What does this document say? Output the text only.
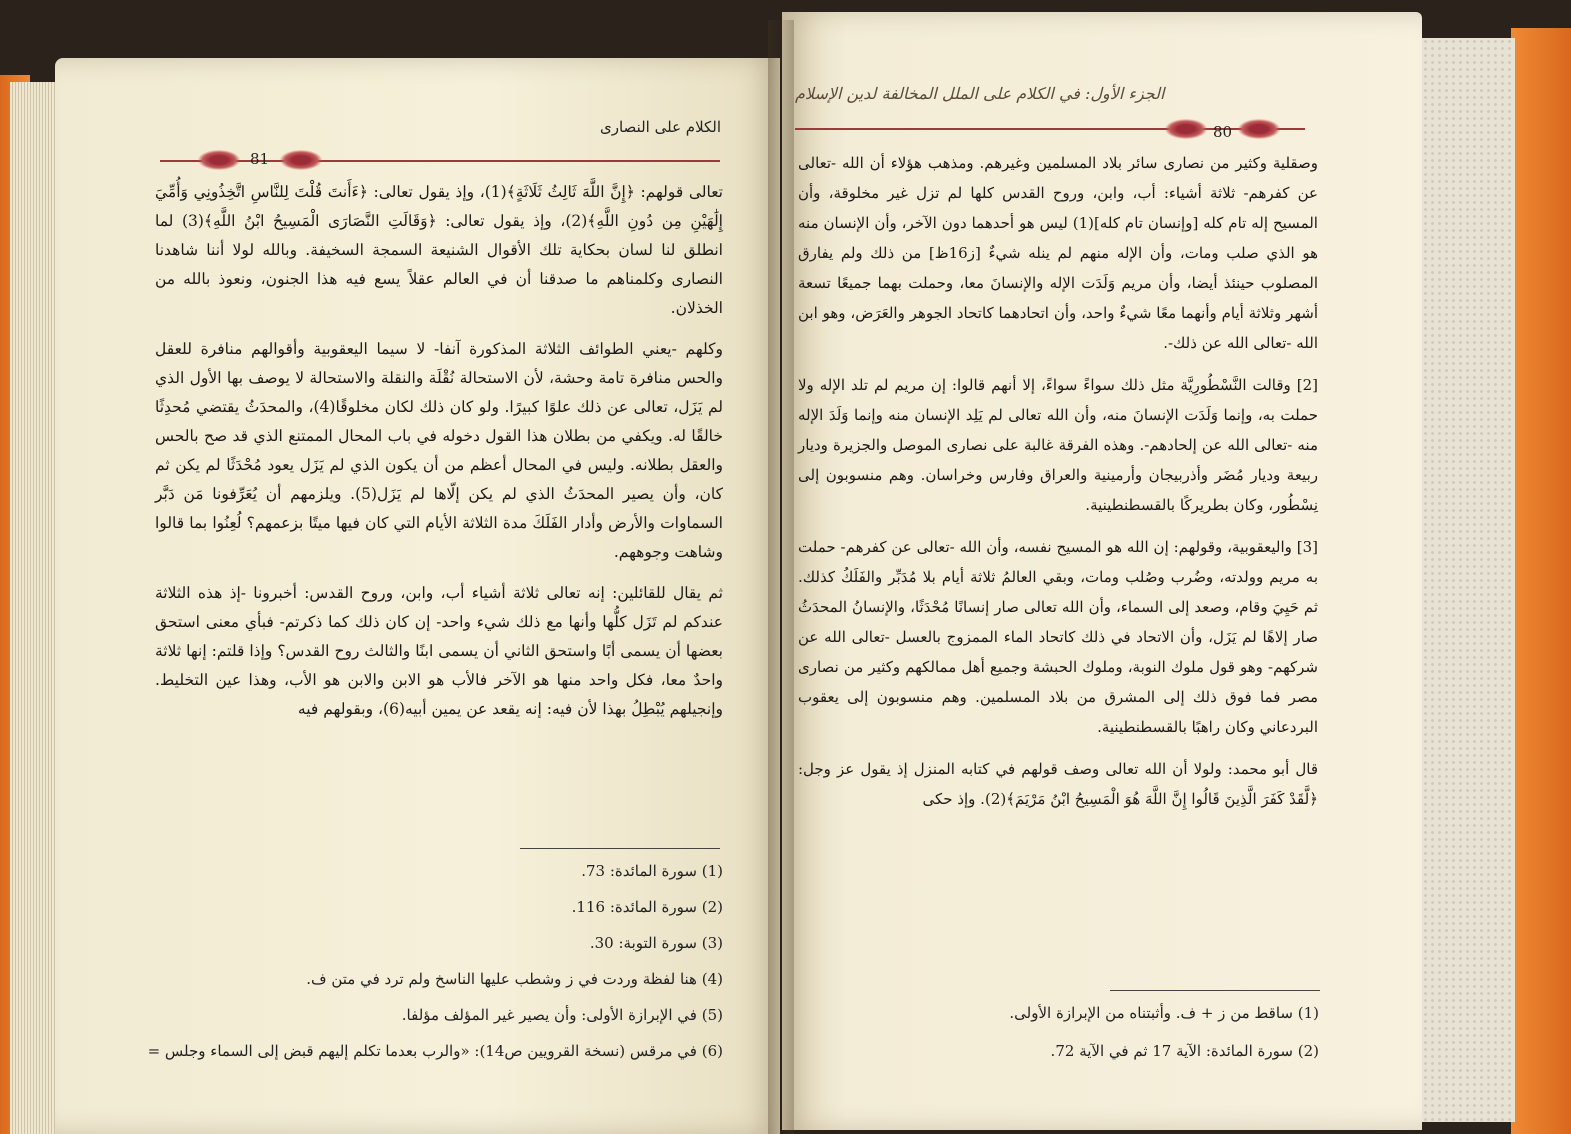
الكلام على النصارى
81
الجزء الأول: في الكلام على الملل المخالفة لدين الإسلام
80

تعالى قولهم: ﴿إِنَّ اللَّهَ ثَالِثُ ثَلَاثَةٍ﴾(1)، وإذ يقول تعالى: ﴿ءَأَنتَ قُلْتَ لِلنَّاسِ اتَّخِذُونِي وَأُمِّيَ إِلَٰهَيْنِ مِن دُونِ اللَّهِ﴾(2)، وإذ يقول تعالى: ﴿وَقَالَتِ النَّصَارَى الْمَسِيحُ ابْنُ اللَّهِ﴾(3) لما انطلق لنا لسان بحكاية تلك الأقوال الشنيعة السمجة السخيفة. وبالله لولا أننا شاهدنا النصارى وكلمناهم ما صدقنا أن في العالم عقلاً يسع فيه هذا الجنون، ونعوذ بالله من الخذلان.

وكلهم -يعني الطوائف الثلاثة المذكورة آنفا- لا سيما اليعقوبية وأقوالهم منافرة للعقل والحس منافرة تامة وحشة، لأن الاستحالة نُقْلَة والنقلة والاستحالة لا يوصف بها الأول الذي لم يَزَل، تعالى عن ذلك علوًا كبيرًا. ولو كان ذلك لكان مخلوقًا(4)، والمحدَثُ يقتضي مُحدِثًا خالقًا له. ويكفي من بطلان هذا القول دخوله في باب المحال الممتنع الذي قد صح بالحس والعقل بطلانه. وليس في المحال أعظم من أن يكون الذي لم يَزَل يعود مُحْدَثًا لم يكن ثم كان، وأن يصير المحدَثُ الذي لم يكن إلّاها لم يَزَل(5). ويلزمهم أن يُعَرِّفونا مَن دَبَّر السماوات والأرض وأدار الفَلَكَ مدة الثلاثة الأيام التي كان فيها ميتًا بزعمهم؟ لُعِنُوا بما قالوا وشاهت وجوههم.

ثم يقال للقائلين: إنه تعالى ثلاثة أشياء أب، وابن، وروح القدس: أخبرونا -إذ هذه الثلاثة عندكم لم تَزَل كلُّها وأنها مع ذلك شيء واحد- إن كان ذلك كما ذكرتم- فبأي معنى استحق بعضها أن يسمى أبًا واستحق الثاني أن يسمى ابنًا والثالث روح القدس؟ وإذا قلتم: إنها ثلاثة واحدٌ معا، فكل واحد منها هو الآخر فالأب هو الابن والابن هو الأب، وهذا عين التخليط. وإنجيلهم يُبْطِلُ بهذا لأن فيه: إنه يقعد عن يمين أبيه(6)، وبقولهم فيه

وصقلية وكثير من نصارى سائر بلاد المسلمين وغيرهم. ومذهب هؤلاء أن الله -تعالى عن كفرهم- ثلاثة أشياء: أب، وابن، وروح القدس كلها لم تزل غير مخلوقة، وأن المسيح إله تام كله [وإنسان تام كله](1) ليس هو أحدهما دون الآخر، وأن الإنسان منه هو الذي صلب ومات، وأن الإله منهم لم ينله شيءٌ [ز16ظ] من ذلك ولم يفارق المصلوب حينئذ أيضا، وأن مريم وَلَدَت الإله والإنسانَ معا، وحملت بهما جميعًا تسعة أشهر وثلاثة أيام وأنهما معًا شيءٌ واحد، وأن اتحادهما كاتحاد الجوهر والعَرَض، وهو ابن الله -تعالى الله عن ذلك-.

[2] وقالت النَّسْطُورِيَّة مثل ذلك سواءً سواءً، إلا أنهم قالوا: إن مريم لم تلد الإله ولا حملت به، وإنما وَلَدَت الإنسانَ منه، وأن الله تعالى لم يَلِد الإنسان منه وإنما وَلَدَ الإله منه -تعالى الله عن إلحادهم-. وهذه الفرقة غالبة على نصارى الموصل والجزيرة وديار ربيعة وديار مُضَر وأذربيجان وأرمينية والعراق وفارس وخراسان. وهم منسوبون إلى نِسْطُور، وكان بطريركًا بالقسطنطينية.

[3] واليعقوبية، وقولهم: إن الله هو المسيح نفسه، وأن الله -تعالى عن كفرهم- حملت به مريم وولدته، وضُرب وصُلب ومات، وبقي العالمُ ثلاثة أيام بلا مُدَبِّر والفَلَكُ كذلك. ثم حَيِيَ وقام، وصعد إلى السماء، وأن الله تعالى صار إنسانًا مُحْدَثًا، والإنسانُ المحدَثُ صار إلاهًا لم يَزَل، وأن الاتحاد في ذلك كاتحاد الماء الممزوج بالعسل -تعالى الله عن شركهم- وهو قول ملوك النوبة، وملوك الحبشة وجميع أهل ممالكهم وكثير من نصارى مصر فما فوق ذلك إلى المشرق من بلاد المسلمين. وهم منسوبون إلى يعقوب البردعاني وكان راهبًا بالقسطنطينية.

قال أبو محمد: ولولا أن الله تعالى وصف قولهم في كتابه المنزل إذ يقول عز وجل: ﴿لَّقَدْ كَفَرَ الَّذِينَ قَالُوا إِنَّ اللَّهَ هُوَ الْمَسِيحُ ابْنُ مَرْيَمَ﴾(2). وإذ حكى

(1) سورة المائدة: 73.
(2) سورة المائدة: 116.
(3) سورة التوبة: 30.
(4) هنا لفظة وردت في ز وشطب عليها الناسخ ولم ترد في متن ف.
(5) في الإبرازة الأولى: وأن يصير غير المؤلف مؤلفا.
(6) في مرقس (نسخة القرويين ص14): «والرب بعدما تكلم إليهم قبض إلى السماء وجلس =
(1) ساقط من ز + ف. وأثبتناه من الإبرازة الأولى.
(2) سورة المائدة: الآية 17 ثم في الآية 72.
